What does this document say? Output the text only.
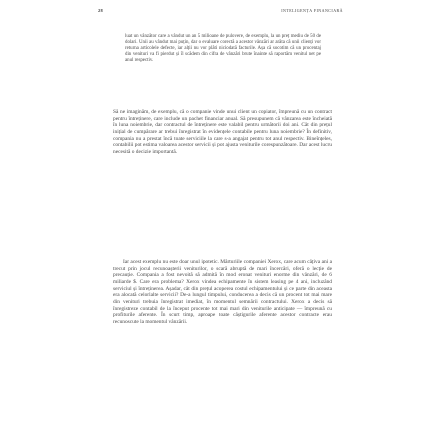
28	INTELIGENȚA FINANCIARĂ
luat un vânzător care a vândut un an 5 milioane de pulovere, de exemplu, la un preț mediu de 50 de dolari. Unii au vândut mai puțin, dar o evaluare corectă a acestor vânzări ar arăta că unii clienți vor returna articolele defecte, iar alții nu vor plăti niciodată facturile. Așa că socotim că un procentaj din venituri va fi pierdut și îl scădem din cifra de vânzări brute înainte să raportăm venitul net pe anul respectiv.
Să ne imaginăm, de exemplu, că o companie vinde unui client un copiator, împreună cu un contract pentru întreținere, care include un pachet financiar anual. Să presupunem că vânzarea este încheiată în luna noiembrie, dar contractul de întreținere este valabil pentru următorii doi ani. Cât din prețul inițial de cumpărare ar trebui înregistrat în evidențele contabile pentru luna noiembrie? În definitiv, compania nu a prestat încă toate serviciile la care s-a angajat pentru tot anul respectiv. Bineînțeles, contabilii pot estima valoarea acestor servicii și pot ajusta veniturile corespunzătoare. Dar acest lucru necesită o decizie importantă.
Iar acest exemplu nu este doar unul ipotetic. Mărturiile companiei Xerox, care acum câțiva ani a trecut prin jocul recunoașterii veniturilor, o scară abruptă de mari încercări, oferă o lecție de precauție. Compania a fost nevoită să admită în mod eronat venituri enorme din vânzări, de 6 miliarde $. Care era problema? Xerox vindea echipamente în sistem leasing pe 4 ani, incluzând serviciul și întreținerea. Așadar, cât din prețul acoperea costul echipamentului și ce parte din aceasta era alocată celorlalte servicii? De-a lungul timpului, conducerea a decis că un procent tot mai mare din venituri trebuia înregistrat imediat, în momentul semnării contractului. Xerox a decis să înregistreze contabil de la început procente tot mai mari din veniturile anticipate — împreună cu profiturile aferente. În scurt timp, aproape toate câștigurile aferente acestor contracte erau recunoscute la momentul vânzării.
